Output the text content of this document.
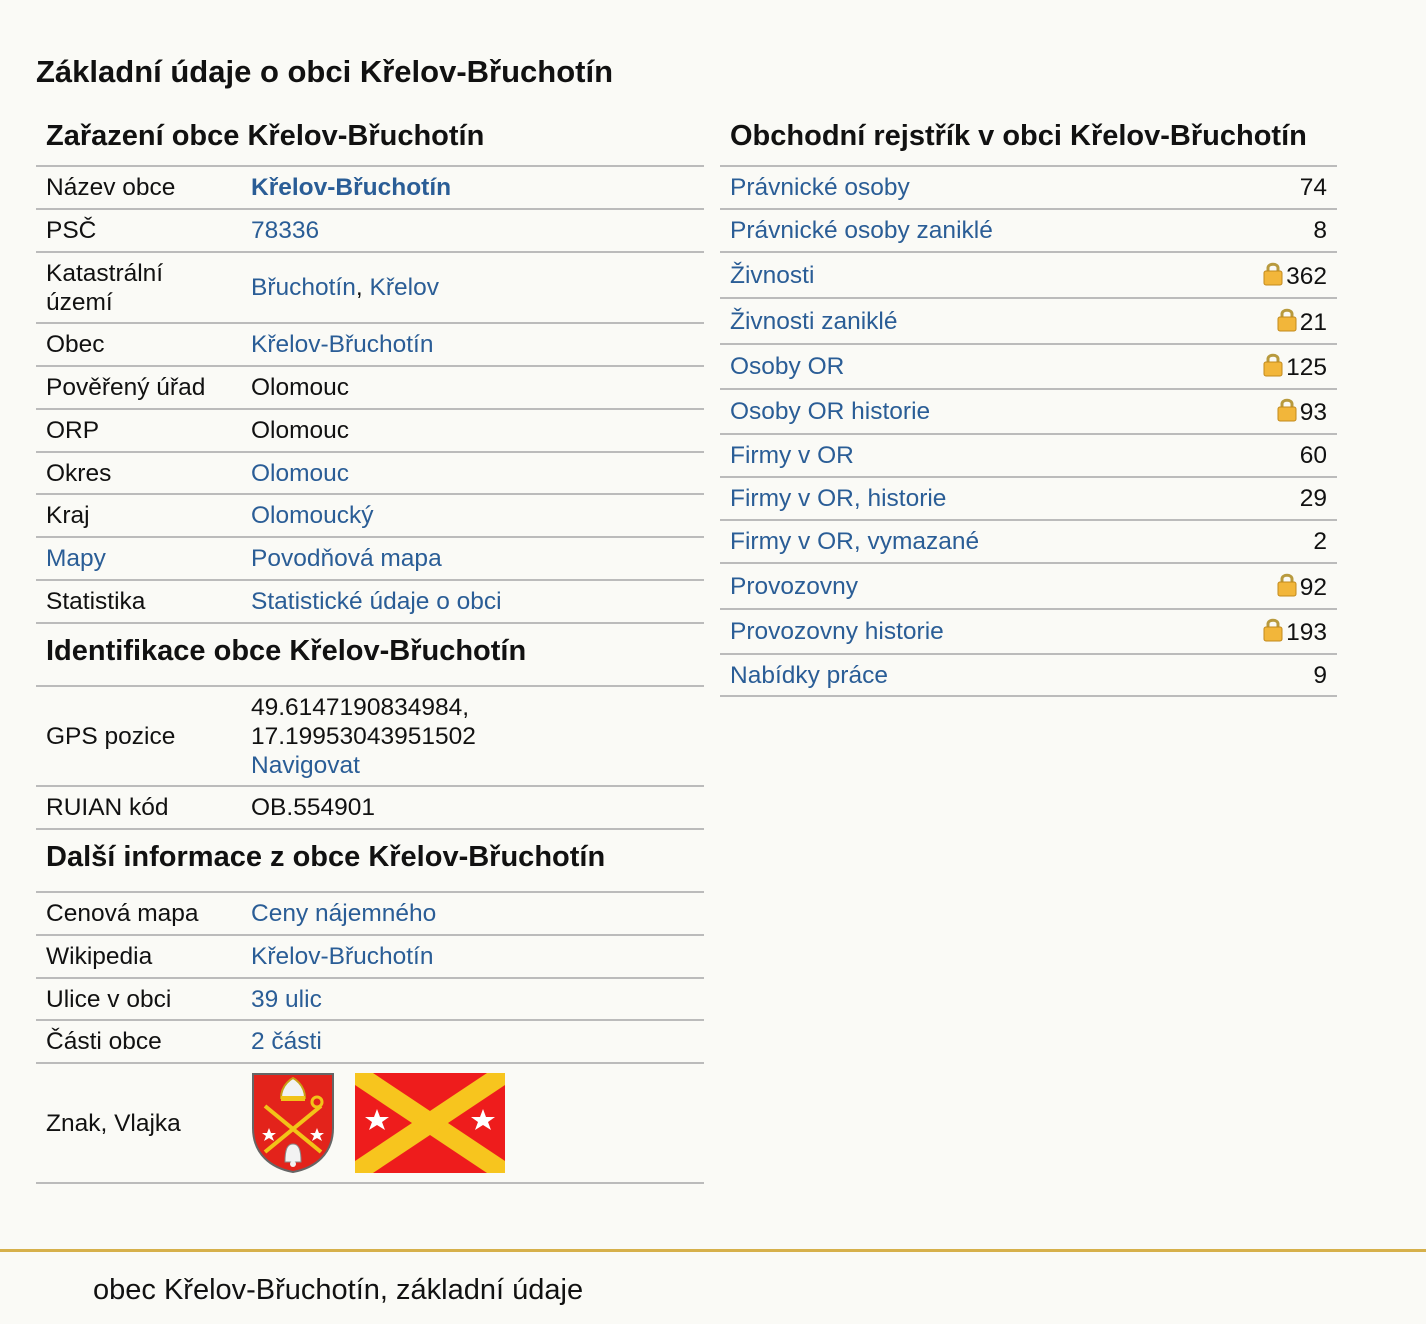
Základní údaje o obci Křelov-Břuchotín
Zařazení obce Křelov-Břuchotín
Název obce	Křelov-Břuchotín
PSČ	78336
Katastrální území	Břuchotín, Křelov
Obec	Křelov-Břuchotín
Pověřený úřad	Olomouc
ORP	Olomouc
Okres	Olomouc
Kraj	Olomoucký
Mapy	Povodňová mapa
Statistika	Statistické údaje o obci
Identifikace obce Křelov-Břuchotín
GPS pozice	49.6147190834984,
17.19953043951502
Navigovat
RUIAN kód	OB.554901
Další informace z obce Křelov-Břuchotín
Cenová mapa	Ceny nájemného
Wikipedia	Křelov-Břuchotín
Ulice v obci	39 ulic
Části obce	2 části
Znak, Vlajka	
Obchodní rejstřík v obci Křelov-Břuchotín
Právnické osoby	74
Právnické osoby zaniklé	8
Živnosti	362
Živnosti zaniklé	21
Osoby OR	125
Osoby OR historie	93
Firmy v OR	60
Firmy v OR, historie	29
Firmy v OR, vymazané	2
Provozovny	92
Provozovny historie	193
Nabídky práce	9
obec Křelov-Břuchotín, základní údaje
